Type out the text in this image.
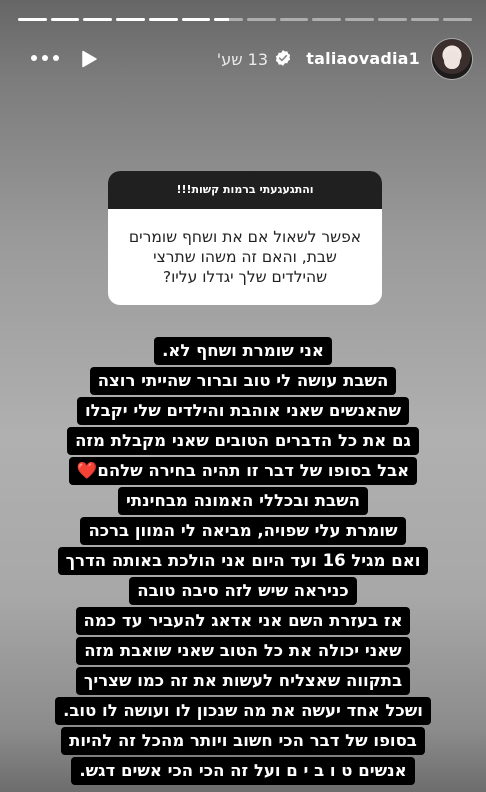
taliaovadia1
13 שע'
והתגעגעתי ברמות קשות!!!
אפשר לשאול אם את ושחף שומרים
שבת, והאם זה משהו שתרצי
שהילדים שלך יגדלו עליו?
אני שומרת ושחף לא.
השבת עושה לי טוב וברור שהייתי רוצה
שהאנשים שאני אוהבת והילדים שלי יקבלו
גם את כל הדברים הטובים שאני מקבלת מזה
אבל בסופו של דבר זו תהיה בחירה שלהם❤️
השבת ובכללי האמונה מבחינתי
שומרת עלי שפויה, מביאה לי המוון ברכה
ואם מגיל 16 ועד היום אני הולכת באותה הדרך
כניראה שיש לזה סיבה טובה
אז בעזרת השם אני אדאג להעביר עד כמה
שאני יכולה את כל הטוב שאני שואבת מזה
בתקווה שאצליח לעשות את זה כמו שצריך
ושכל אחד יעשה את מה שנכון לו ועושה לו טוב.
בסופו של דבר הכי חשוב ויותר מהכל זה להיות
אנשים ט ו ב י ם ועל זה הכי הכי אשים דגש.
